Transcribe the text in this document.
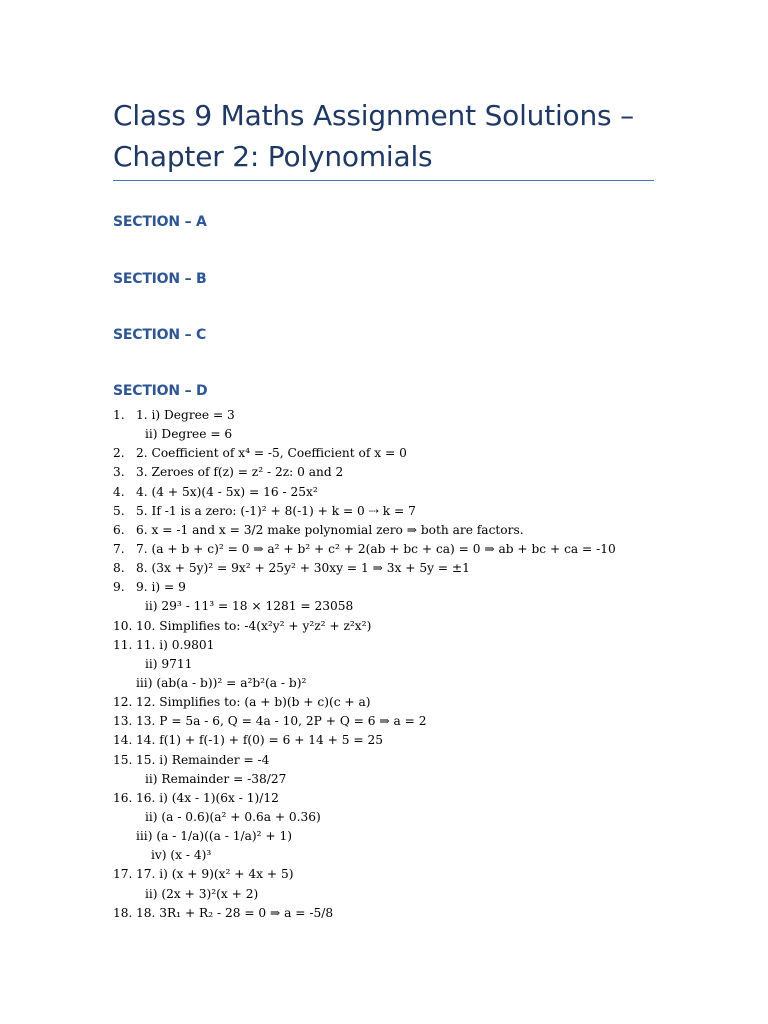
Class 9 Maths Assignment Solutions –
Chapter 2: Polynomials
SECTION – A
SECTION – B
SECTION – C
SECTION – D
1. 1. i) Degree = 3
ii) Degree = 6
2. 2. Coefficient of x⁴ = -5, Coefficient of x = 0
3. 3. Zeroes of f(z) = z² - 2z: 0 and 2
4. 4. (4 + 5x)(4 - 5x) = 16 - 25x²
5. 5. If -1 is a zero: (-1)² + 8(-1) + k = 0 ⇢ k = 7
6. 6. x = -1 and x = 3/2 make polynomial zero ⇒ both are factors.
7. 7. (a + b + c)² = 0 ⇒ a² + b² + c² + 2(ab + bc + ca) = 0 ⇒ ab + bc + ca = -10
8. 8. (3x + 5y)² = 9x² + 25y² + 30xy = 1 ⇒ 3x + 5y = ±1
9. 9. i) = 9
ii) 29³ - 11³ = 18 × 1281 = 23058
10. 10. Simplifies to: -4(x²y² + y²z² + z²x²)
11. 11. i) 0.9801
ii) 9711
iii) (ab(a - b))² = a²b²(a - b)²
12. 12. Simplifies to: (a + b)(b + c)(c + a)
13. 13. P = 5a - 6, Q = 4a - 10, 2P + Q = 6 ⇒ a = 2
14. 14. f(1) + f(-1) + f(0) = 6 + 14 + 5 = 25
15. 15. i) Remainder = -4
ii) Remainder = -38/27
16. 16. i) (4x - 1)(6x - 1)/12
ii) (a - 0.6)(a² + 0.6a + 0.36)
iii) (a - 1/a)((a - 1/a)² + 1)
iv) (x - 4)³
17. 17. i) (x + 9)(x² + 4x + 5)
ii) (2x + 3)²(x + 2)
18. 18. 3R₁ + R₂ - 28 = 0 ⇒ a = -5/8
